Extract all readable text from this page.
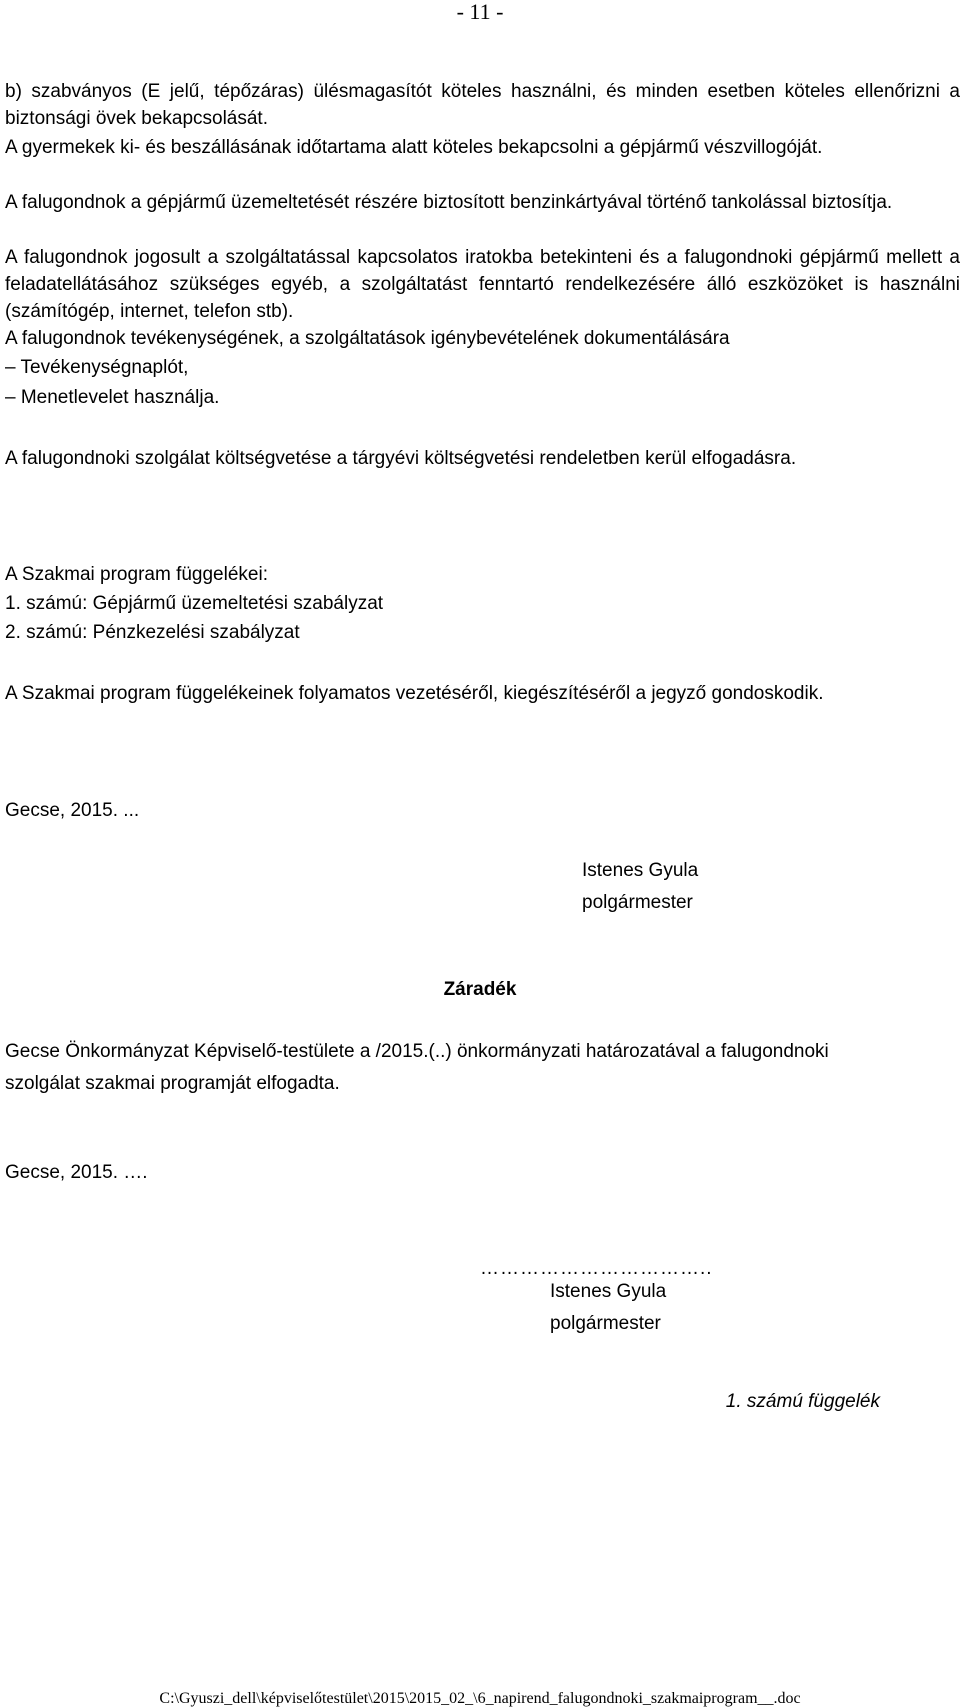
- 11 -

b) szabványos (E jelű, tépőzáras) ülésmagasítót köteles használni, és minden esetben köteles ellenőrizni a biztonsági övek bekapcsolását.

A gyermekek ki- és beszállásának időtartama alatt köteles bekapcsolni a gépjármű vészvillogóját.

A falugondnok a gépjármű üzemeltetését részére biztosított benzinkártyával történő tankolással biztosítja.

A falugondnok jogosult a szolgáltatással kapcsolatos iratokba betekinteni és a falugondnoki gépjármű mellett a feladatellátásához szükséges egyéb, a szolgáltatást fenntartó rendelkezésére álló eszközöket is használni (számítógép, internet, telefon stb).

A falugondnok tevékenységének, a szolgáltatások igénybevételének dokumentálására

– Tevékenységnaplót,
– Menetlevelet használja.

A falugondnoki szolgálat költségvetése a tárgyévi költségvetési rendeletben kerül elfogadásra.

A Szakmai program függelékei:
1. számú: Gépjármű üzemeltetési szabályzat
2. számú: Pénzkezelési szabályzat

A Szakmai program függelékeinek folyamatos vezetéséről, kiegészítéséről a jegyző gondoskodik.

Gecse, 2015. ...
Istenes Gyula
polgármester
Záradék

Gecse Önkormányzat Képviselő-testülete a /2015.(..) önkormányzati határozatával a falugondnoki szolgálat szakmai programját elfogadta.

Gecse, 2015. ….
……………………………..
Istenes Gyula
polgármester
1. számú függelék
C:\Gyuszi_dell\képviselőtestület\2015\2015_02_\6_napirend_falugondnoki_szakmaiprogram__.doc
